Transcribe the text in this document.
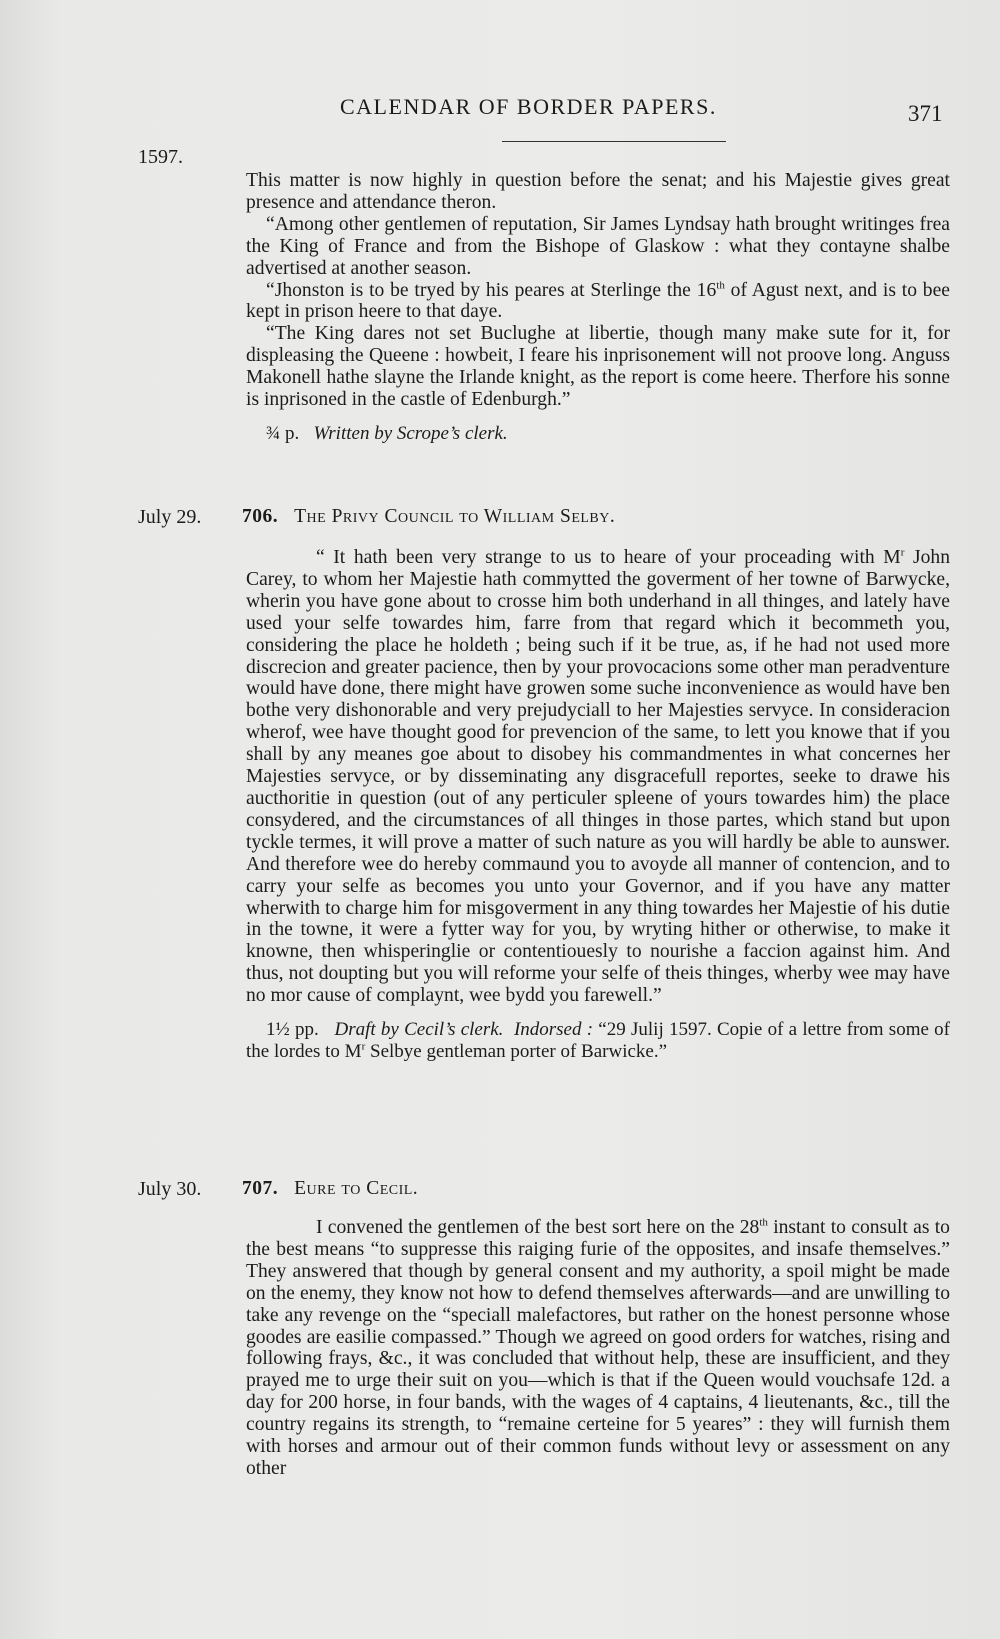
CALENDAR OF BORDER PAPERS.	371
1597.

This matter is now highly in question before the senat; and his Majestie gives great presence and attendance theron.

“Among other gentlemen of reputation, Sir James Lyndsay hath brought writinges frea the King of France and from the Bishope of Glaskow : what they contayne shalbe advertised at another season.

“Jhonston is to be tryed by his peares at Sterlinge the 16th of Agust next, and is to bee kept in prison heere to that daye.

“The King dares not set Buclughe at libertie, though many make sute for it, for displeasing the Queene : howbeit, I feare his inprisonement will not proove long. Anguss Makonell hathe slayne the Irlande knight, as the report is come heere. Therfore his sonne is inprisoned in the castle of Edenburgh.”

¾ p. Written by Scrope’s clerk.

July 29. 706. The Privy Council to William Selby.

“ It hath been very strange to us to heare of your proceading with $M^r$ John Carey, to whom her Majestie hath commytted the goverment of her towne of Barwycke, wherin you have gone about to crosse him both underhand in all thinges, and lately have used your selfe towardes him, farre from that regard which it becommeth you, considering the place he holdeth ; being such if it be true, as, if he had not used more discrecion and greater pacience, then by your provocacions some other man peradventure would have done, there might have growen some suche inconvenience as would have ben bothe very dishonorable and very prejudyciall to her Majesties servyce. In consideracion wherof, wee have thought good for prevencion of the same, to lett you knowe that if you shall by any meanes goe about to disobey his commandmentes in what concernes her Majesties servyce, or by disseminating any disgracefull reportes, seeke to drawe his aucthoritie in question (out of any perticuler spleene of yours towardes him) the place consydered, and the circumstances of all thinges in those partes, which stand but upon tyckle termes, it will prove a matter of such nature as you will hardly be able to aunswer. And therefore wee do hereby commaund you to avoyde all manner of contencion, and to carry your selfe as becomes you unto your Governor, and if you have any matter wherwith to charge him for misgoverment in any thing towardes her Majestie of his dutie in the towne, it were a fytter way for you, by wryting hither or otherwise, to make it knowne, then whisperinglie or contentiouesly to nourishe a faccion against him. And thus, not doupting but you will reforme your selfe of theis thinges, wherby wee may have no mor cause of complaynt, wee bydd you farewell.”

1½ pp. Draft by Cecil’s clerk. Indorsed : “29 Julij 1597. Copie of a lettre from some of the lordes to $M^r$ Selbye gentleman porter of Barwicke.”

July 30. 707. Eure to Cecil.

I convened the gentlemen of the best sort here on the 28th instant to consult as to the best means “to suppresse this raiging furie of the opposites, and insafe themselves.” They answered that though by general consent and my authority, a spoil might be made on the enemy, they know not how to defend themselves afterwards—and are unwilling to take any revenge on the “speciall malefactores, but rather on the honest personne whose goodes are easilie compassed.” Though we agreed on good orders for watches, rising and following frays, &c., it was concluded that without help, these are insufficient, and they prayed me to urge their suit on you—which is that if the Queen would vouchsafe 12d. a day for 200 horse, in four bands, with the wages of 4 captains, 4 lieutenants, &c., till the country regains its strength, to “remaine certeine for 5 yeares” : they will furnish them with horses and armour out of their common funds without levy or assessment on any other
